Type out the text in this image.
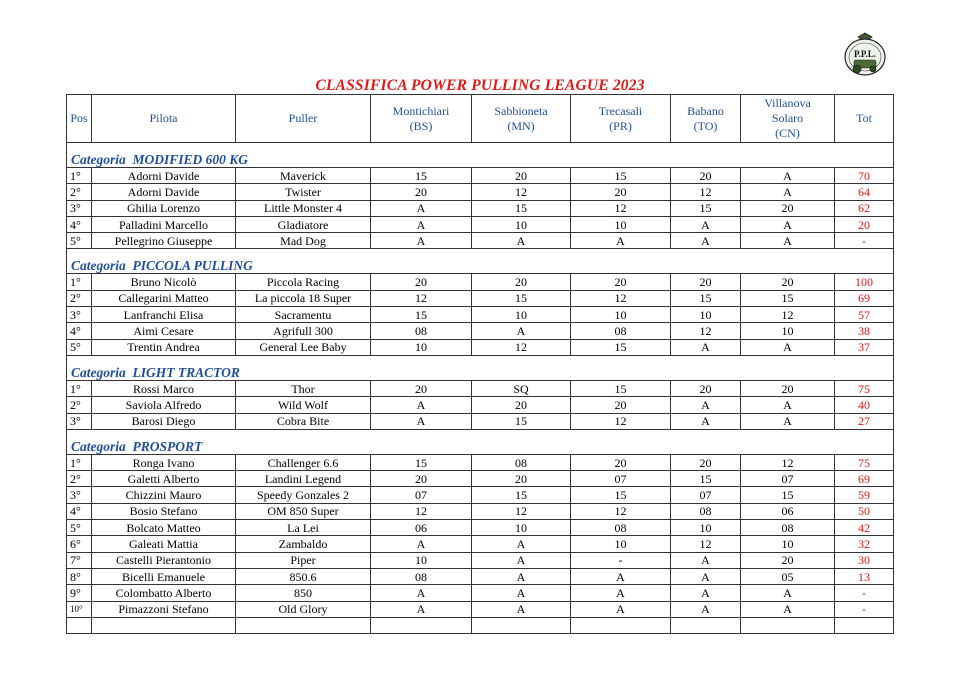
P.P.L.
CLASSIFICA POWER PULLING LEAGUE 2023
Pos	Pilota	Puller	Montichiari (BS)	Sabbioneta (MN)	Trecasali (PR)	Babano (TO)	Villanova Solaro (CN)	Tot

Categoria  MODIFIED 600 KG								
1°	Adorni Davide	Maverick	15	20	15	20	A	70
2°	Adorni Davide	Twister	20	12	20	12	A	64
3°	Ghilia Lorenzo	Little Monster 4	A	15	12	15	20	62
4°	Palladini Marcello	Gladiatore	A	10	10	A	A	20
5°	Pellegrino Giuseppe	Mad Dog	A	A	A	A	A	-

Categoria  PICCOLA PULLING								
1°	Bruno Nicolò	Piccola Racing	20	20	20	20	20	100
2°	Callegarini Matteo	La piccola 18 Super	12	15	12	15	15	69
3°	Lanfranchi Elisa	Sacramentu	15	10	10	10	12	57
4°	Aimi Cesare	Agrifull 300	08	A	08	12	10	38
5°	Trentin Andrea	General Lee Baby	10	12	15	A	A	37

Categoria  LIGHT TRACTOR								
1°	Rossi Marco	Thor	20	SQ	15	20	20	75
2°	Saviola Alfredo	Wild Wolf	A	20	20	A	A	40
3°	Barosi Diego	Cobra Bite	A	15	12	A	A	27

Categoria  PROSPORT								
1°	Ronga Ivano	Challenger 6.6	15	08	20	20	12	75
2°	Galetti Alberto	Landini Legend	20	20	07	15	07	69
3°	Chizzini Mauro	Speedy Gonzales 2	07	15	15	07	15	59
4°	Bosio Stefano	OM 850 Super	12	12	12	08	06	50
5°	Bolcato Matteo	La Lei	06	10	08	10	08	42
6°	Galeati Mattia	Zambaldo	A	A	10	12	10	32
7°	Castelli Pierantonio	Piper	10	A	-	A	20	30
8°	Bicelli Emanuele	850.6	08	A	A	A	05	13
9°	Colombatto Alberto	850	A	A	A	A	A	-
10°	Pimazzoni Stefano	Old Glory	A	A	A	A	A	-
